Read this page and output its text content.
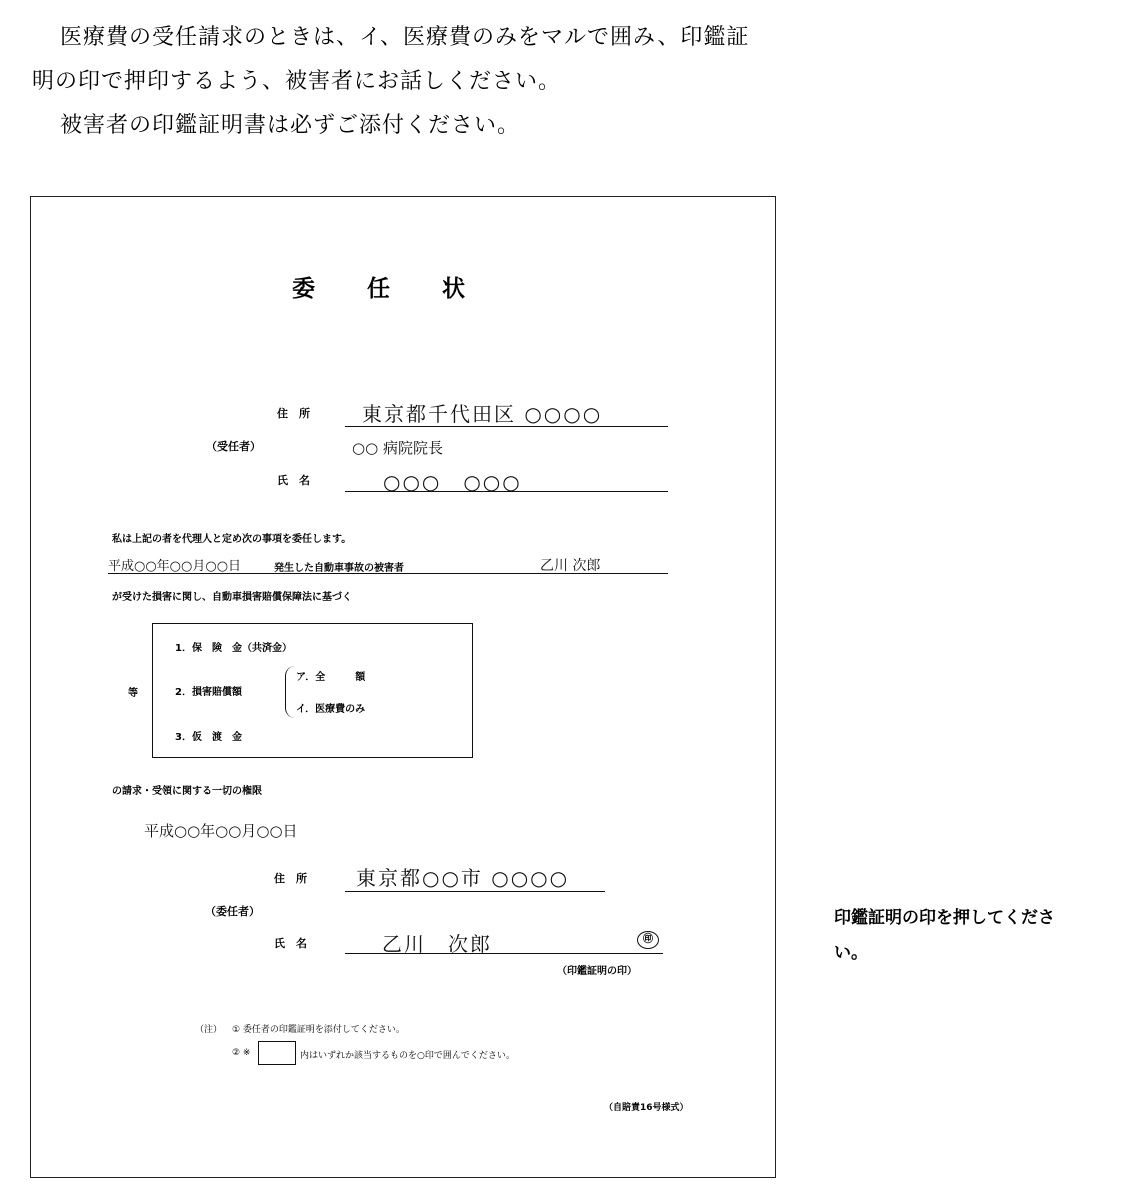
医療費の受任請求のときは、イ、医療費のみをマルで囲み、印鑑証
明の印で押印するよう、被害者にお話しください。
被害者の印鑑証明書は必ずご添付ください。
委　　任　　状
住　所	東京都千代田区 ○○○○
（受任者）	○○ 病院院長
氏　名	○○○　○○○
私は上記の者を代理人と定め次の事項を委任します。
平成○○年○○月○○日	発生した自動車事故の被害者	乙川 次郎
が受けた損害に関し、自動車損害賠償保障法に基づく
1．保　険　金（共済金）
2．損害賠償額
ア．全　　　額
イ．医療費のみ
3．仮　渡　金
等
の請求・受領に関する一切の権限
平成○○年○○月○○日
住　所 東京都○○市 ○○○○
（委任者）
氏　名	乙川　次郎	㊞
（印鑑証明の印）
（注） ① 委任者の印鑑証明を添付してください。
② ※	内はいずれか該当するものを○印で囲んでください。
（自賠責16号様式）
印鑑証明の印を押してくださ
い。
